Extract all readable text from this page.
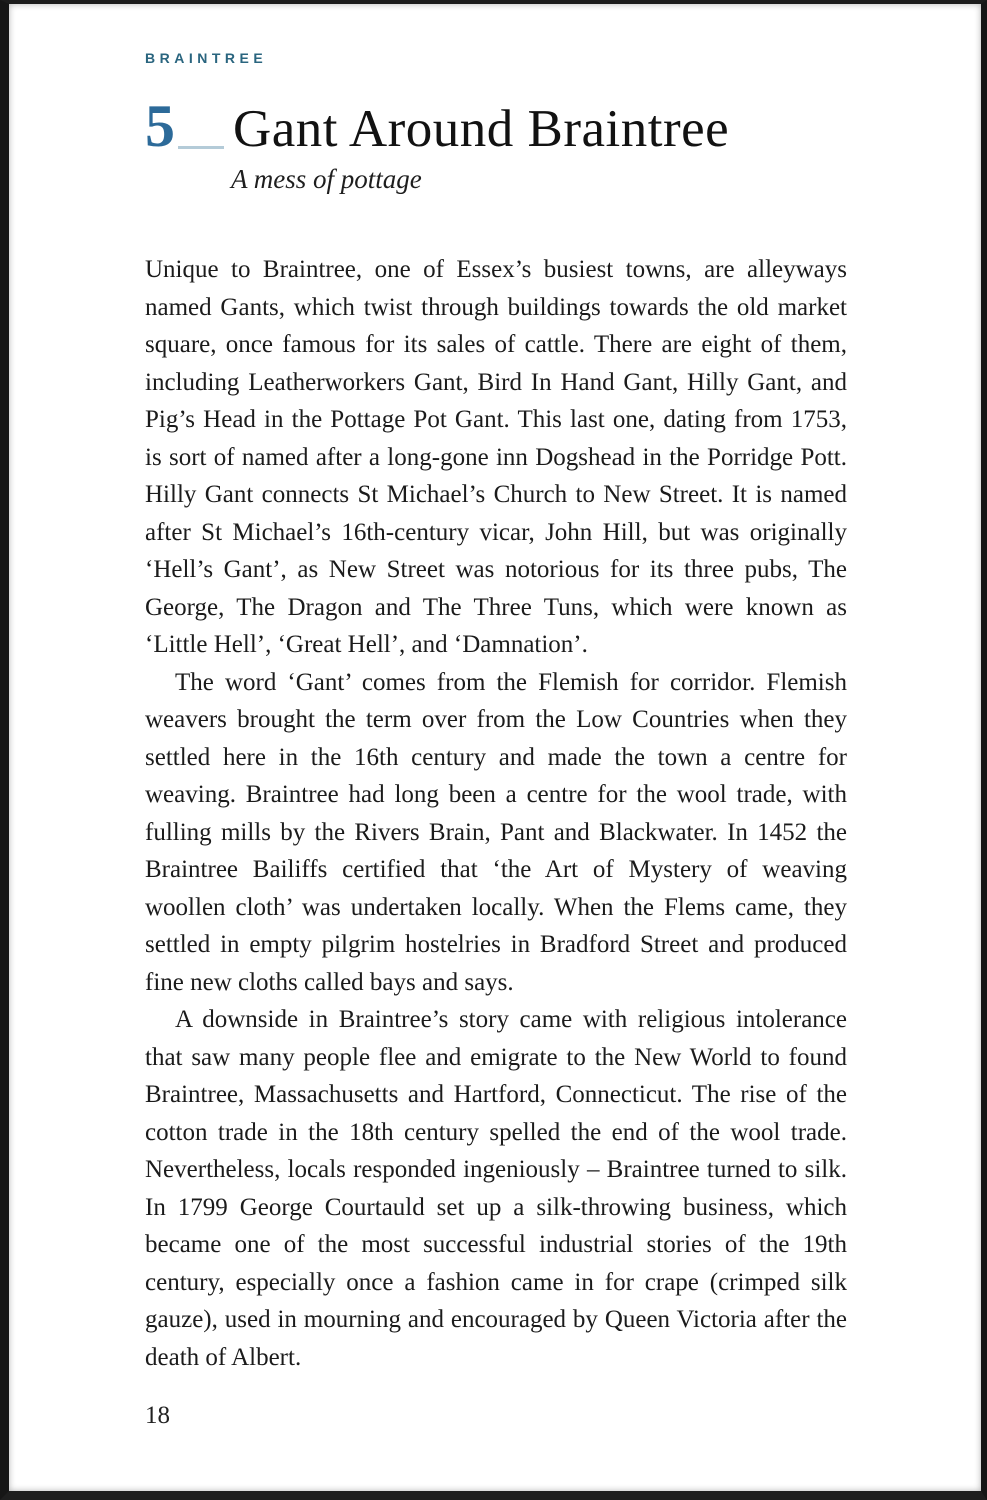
BRAINTREE
5 Gant Around Braintree
A mess of pottage

Unique to Braintree, one of Essex’s busiest towns, are alleyways named Gants, which twist through buildings towards the old market square, once famous for its sales of cattle. There are eight of them, including Leatherworkers Gant, Bird In Hand Gant, Hilly Gant, and Pig’s Head in the Pottage Pot Gant. This last one, dating from 1753, is sort of named after a long-gone inn Dogshead in the Porridge Pott. Hilly Gant connects St Michael’s Church to New Street. It is named after St Michael’s 16th-century vicar, John Hill, but was originally ‘Hell’s Gant’, as New Street was notorious for its three pubs, The George, The Dragon and The Three Tuns, which were known as ‘Little Hell’, ‘Great Hell’, and ‘Damnation’.

The word ‘Gant’ comes from the Flemish for corridor. Flemish weavers brought the term over from the Low Countries when they settled here in the 16th century and made the town a centre for weaving. Braintree had long been a centre for the wool trade, with fulling mills by the Rivers Brain, Pant and Blackwater. In 1452 the Braintree Bailiffs certified that ‘the Art of Mystery of weaving woollen cloth’ was undertaken locally. When the Flems came, they settled in empty pilgrim hostelries in Bradford Street and produced fine new cloths called bays and says.

A downside in Braintree’s story came with religious intolerance that saw many people flee and emigrate to the New World to found Braintree, Massachusetts and Hartford, Connecticut. The rise of the cotton trade in the 18th century spelled the end of the wool trade. Nevertheless, locals responded ingeniously – Braintree turned to silk. In 1799 George Courtauld set up a silk-throwing business, which became one of the most successful industrial stories of the 19th century, especially once a fashion came in for crape (crimped silk gauze), used in mourning and encouraged by Queen Victoria after the death of Albert.

18
